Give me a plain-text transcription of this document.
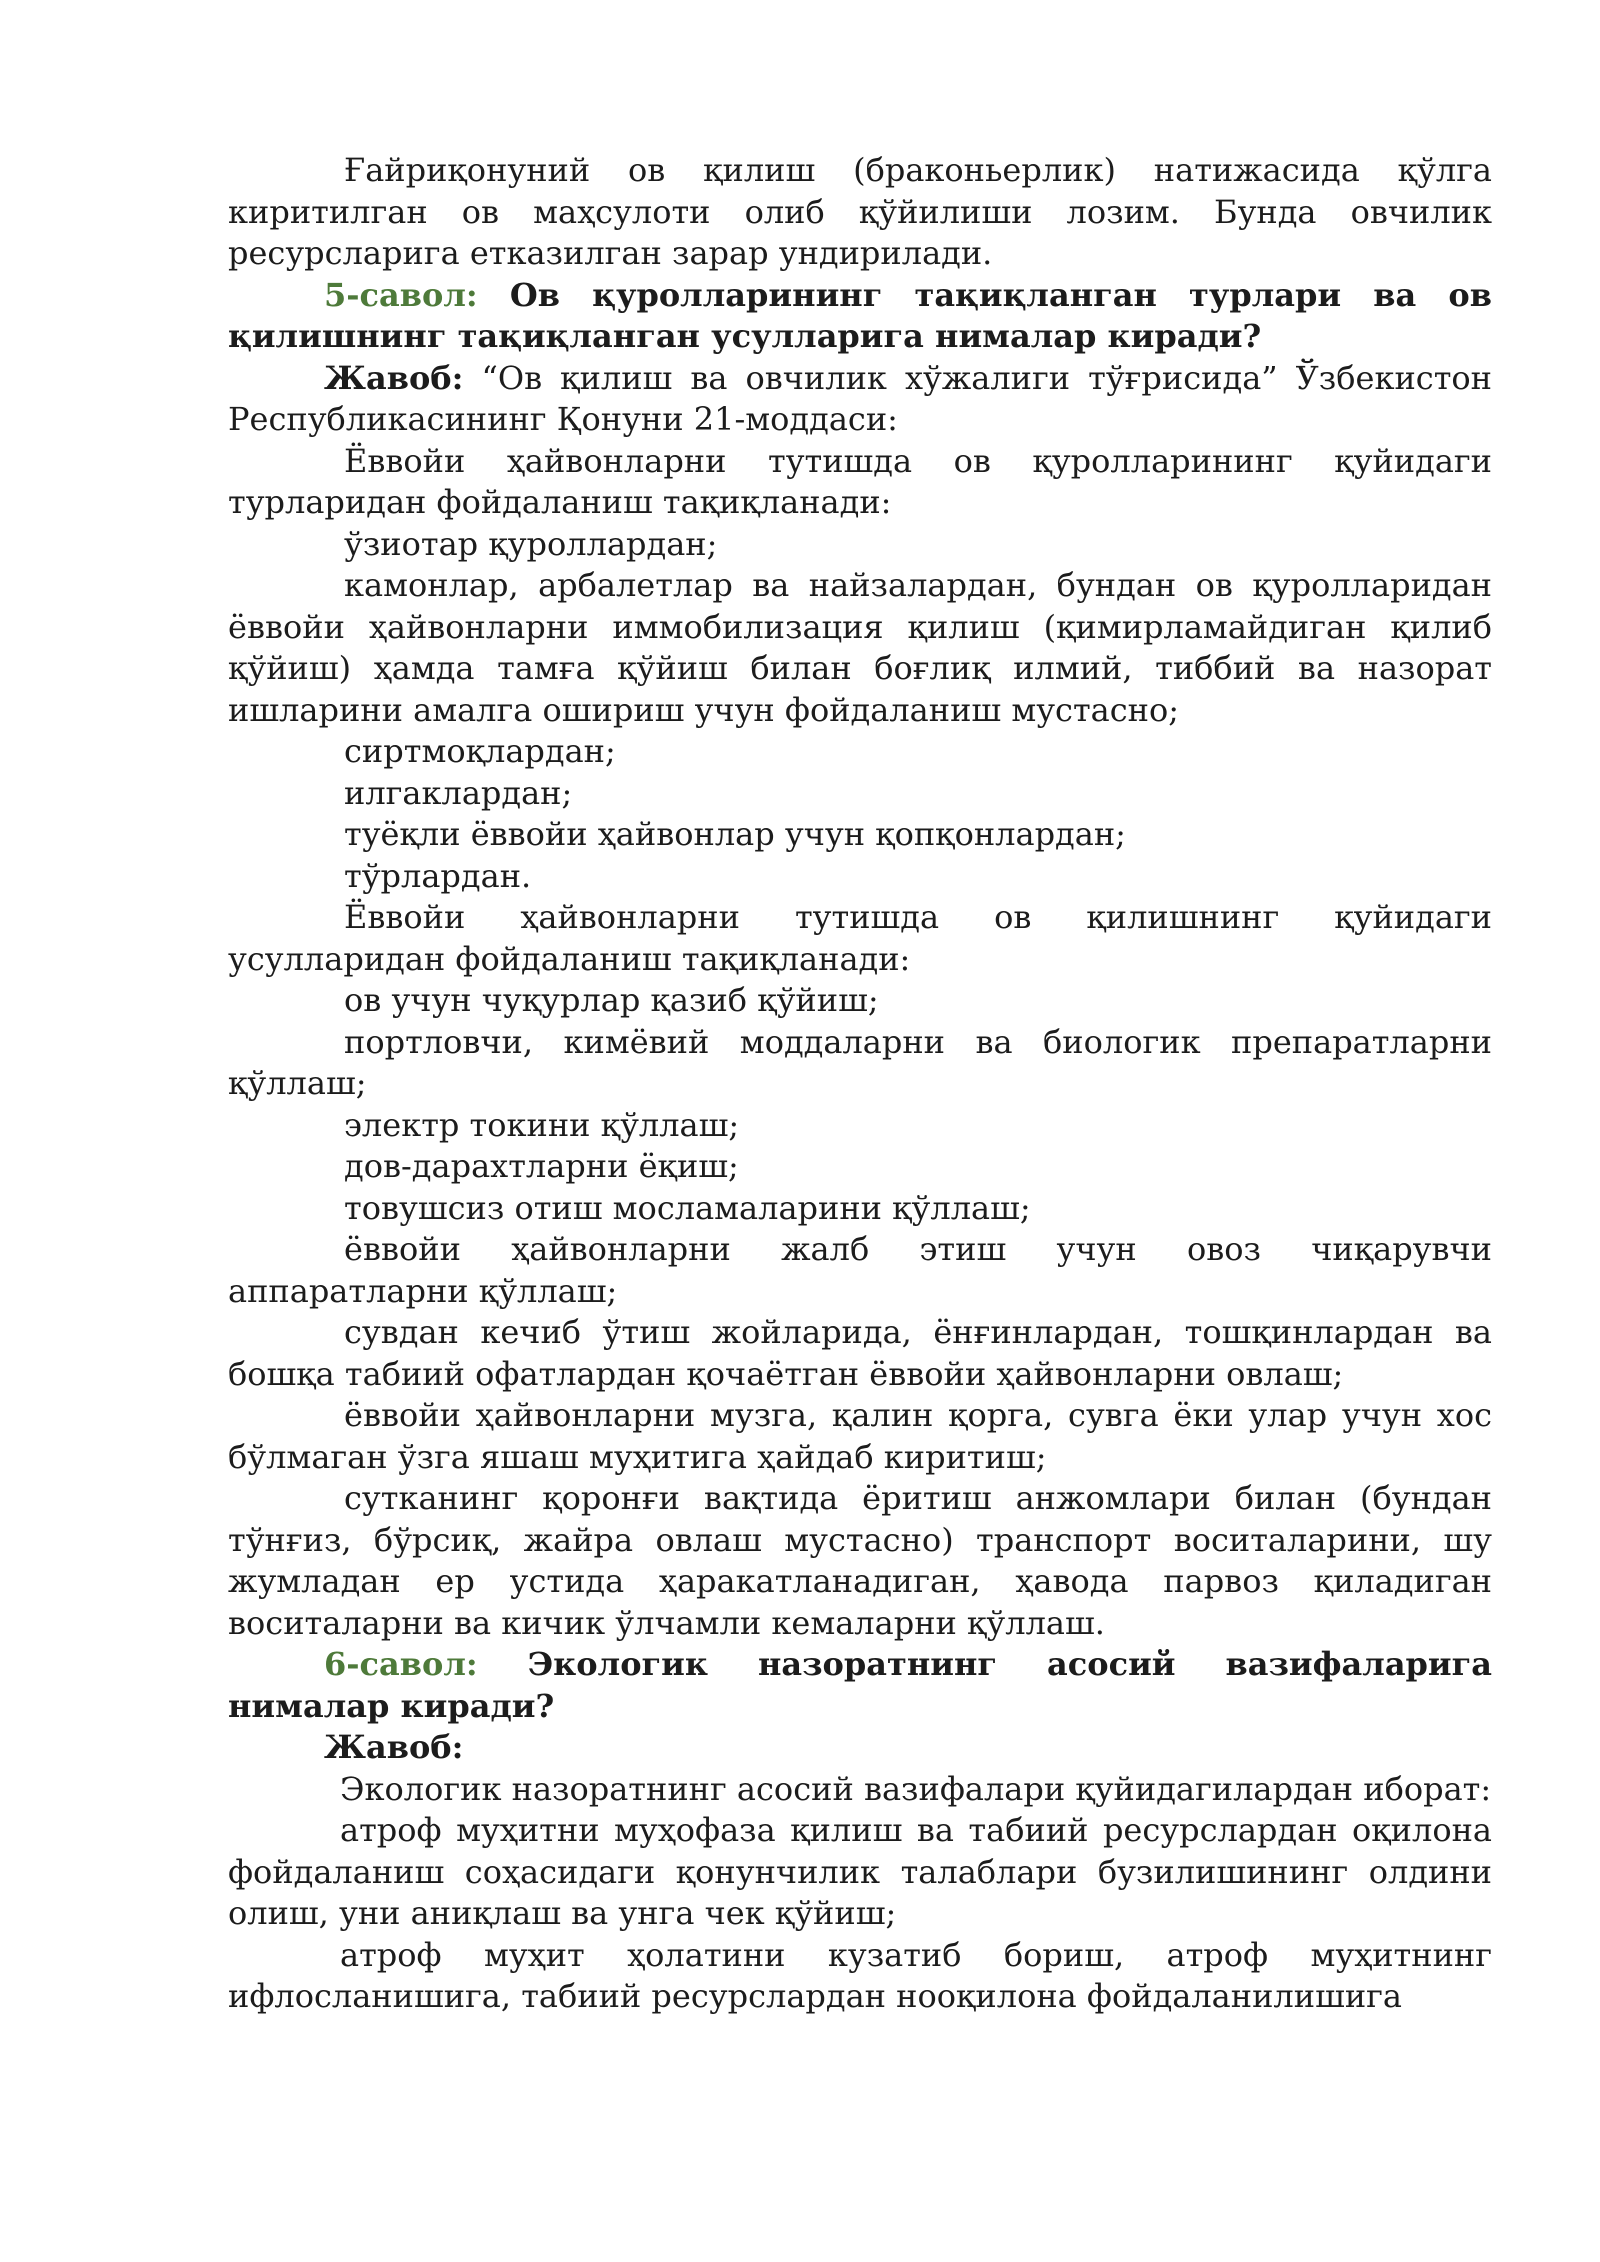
Ғайриқонуний ов қилиш (браконьерлик) натижасида қўлга киритилган ов маҳсулоти олиб қўйилиши лозим. Бунда овчилик ресурсларига етказилган зарар ундирилади.

5-савол: Ов қуролларининг тақиқланган турлари ва ов қилишнинг тақиқланган усулларига нималар киради?

Жавоб: “Ов қилиш ва овчилик хўжалиги тўғрисида” Ўзбекистон Республикасининг Қонуни 21-моддаси:

Ёввойи ҳайвонларни тутишда ов қуролларининг қуйидаги турларидан фойдаланиш тақиқланади:

ўзиотар қуроллардан;

камонлар, арбалетлар ва найзалардан, бундан ов қуролларидан ёввойи ҳайвонларни иммобилизация қилиш (қимирламайдиган қилиб қўйиш) ҳамда тамға қўйиш билан боғлиқ илмий, тиббий ва назорат ишларини амалга ошириш учун фойдаланиш мустасно;

сиртмоқлардан;

илгаклардан;

туёқли ёввойи ҳайвонлар учун қопқонлардан;

тўрлардан.

Ёввойи ҳайвонларни тутишда ов қилишнинг қуйидаги усулларидан фойдаланиш тақиқланади:

ов учун чуқурлар қазиб қўйиш;

портловчи, кимёвий моддаларни ва биологик препаратларни қўллаш;

электр токини қўллаш;

дов-дарахтларни ёқиш;

товушсиз отиш мосламаларини қўллаш;

ёввойи ҳайвонларни жалб этиш учун овоз чиқарувчи аппаратларни қўллаш;

сувдан кечиб ўтиш жойларида, ёнғинлардан, тошқинлардан ва бошқа табиий офатлардан қочаётган ёввойи ҳайвонларни овлаш;

ёввойи ҳайвонларни музга, қалин қорга, сувга ёки улар учун хос бўлмаган ўзга яшаш муҳитига ҳайдаб киритиш;

сутканинг қоронғи вақтида ёритиш анжомлари билан (бундан тўнғиз, бўрсиқ, жайра овлаш мустасно) транспорт воситаларини, шу жумладан ер устида ҳаракатланадиган, ҳавода парвоз қиладиган воситаларни ва кичик ўлчамли кемаларни қўллаш.

6-савол: Экологик назоратнинг асосий вазифаларига нималар киради?

Жавоб:

Экологик назоратнинг асосий вазифалари қуйидагилардан иборат:

атроф муҳитни муҳофаза қилиш ва табиий ресурслардан оқилона фойдаланиш соҳасидаги қонунчилик талаблари бузилишининг олдини олиш, уни аниқлаш ва унга чек қўйиш;

атроф муҳит ҳолатини кузатиб бориш, атроф муҳитнинг ифлосланишига, табиий ресурслардан нооқилона фойдаланилишига
